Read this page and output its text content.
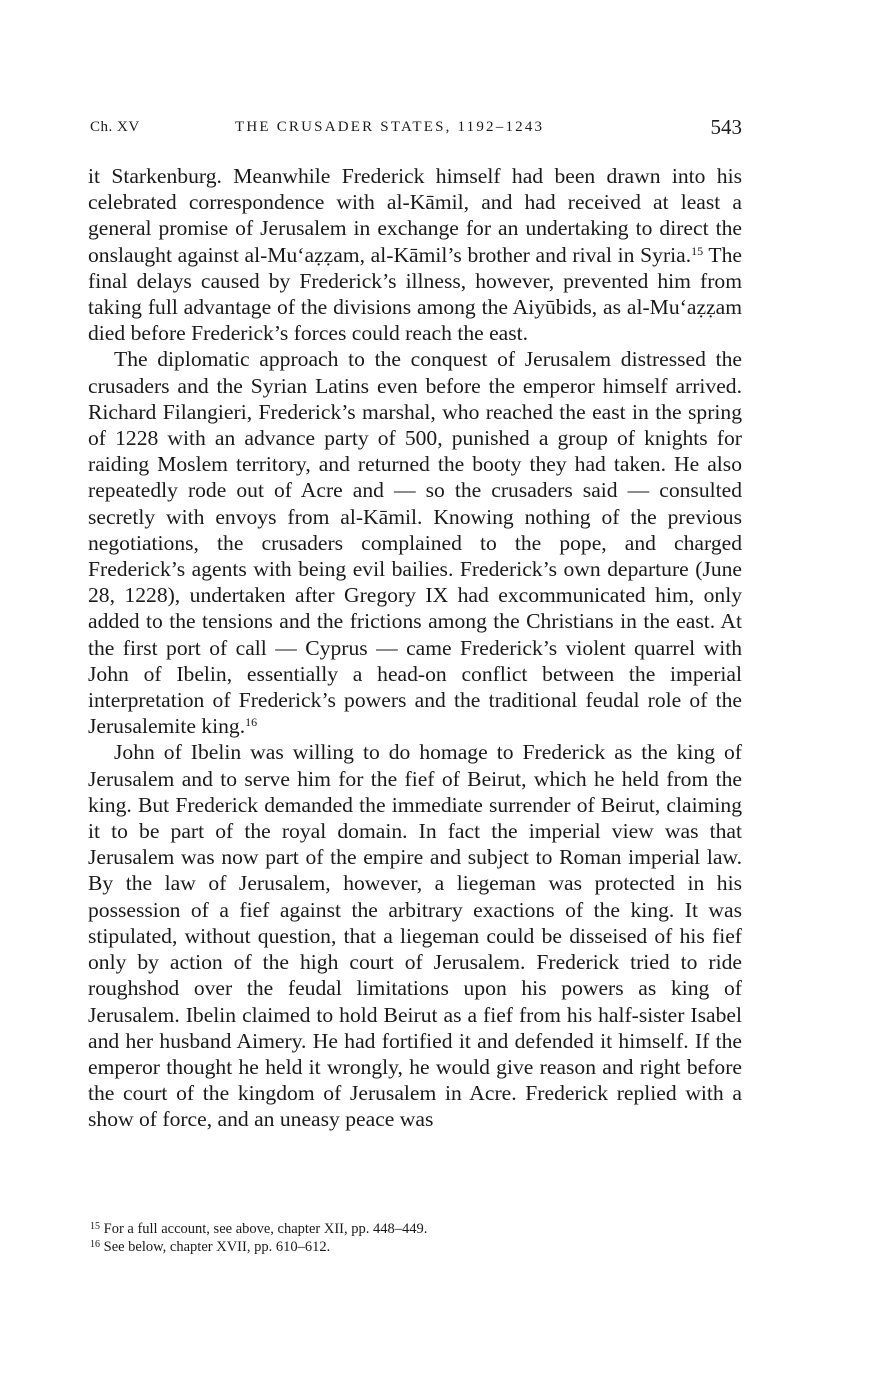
Ch. XV	THE CRUSADER STATES, 1192–1243	543

it Starkenburg. Meanwhile Frederick himself had been drawn into his celebrated correspondence with al-Kāmil, and had received at least a general promise of Jerusalem in exchange for an undertaking to direct the onslaught against al-Mu‘aẓẓam, al-Kāmil’s brother and rival in Syria.$^{15}$ The final delays caused by Frederick’s illness, however, prevented him from taking full advantage of the divisions among the Aiyūbids, as al-Mu‘aẓẓam died before Frederick’s forces could reach the east.

The diplomatic approach to the conquest of Jerusalem distressed the crusaders and the Syrian Latins even before the emperor himself arrived. Richard Filangieri, Frederick’s marshal, who reached the east in the spring of 1228 with an advance party of 500, punished a group of knights for raiding Moslem territory, and returned the booty they had taken. He also repeatedly rode out of Acre and — so the crusaders said — consulted secretly with envoys from al-Kāmil. Knowing nothing of the previous negotiations, the crusaders complained to the pope, and charged Frederick’s agents with being evil bailies. Frederick’s own departure (June 28, 1228), undertaken after Gregory IX had excommunicated him, only added to the tensions and the frictions among the Christians in the east. At the first port of call — Cyprus — came Frederick’s violent quarrel with John of Ibelin, essentially a head-on conflict between the imperial interpretation of Frederick’s powers and the traditional feudal role of the Jerusalemite king.$^{16}$

John of Ibelin was willing to do homage to Frederick as the king of Jerusalem and to serve him for the fief of Beirut, which he held from the king. But Frederick demanded the immediate surrender of Beirut, claiming it to be part of the royal domain. In fact the imperial view was that Jerusalem was now part of the empire and subject to Roman imperial law. By the law of Jerusalem, however, a liegeman was protected in his possession of a fief against the arbitrary exactions of the king. It was stipulated, without question, that a liegeman could be disseised of his fief only by action of the high court of Jerusalem. Frederick tried to ride roughshod over the feudal limitations upon his powers as king of Jerusalem. Ibelin claimed to hold Beirut as a fief from his half-sister Isabel and her husband Aimery. He had fortified it and defended it himself. If the emperor thought he held it wrongly, he would give reason and right before the court of the kingdom of Jerusalem in Acre. Frederick replied with a show of force, and an uneasy peace was

$^{15}$ For a full account, see above, chapter XII, pp. 448–449.

$^{16}$ See below, chapter XVII, pp. 610–612.
